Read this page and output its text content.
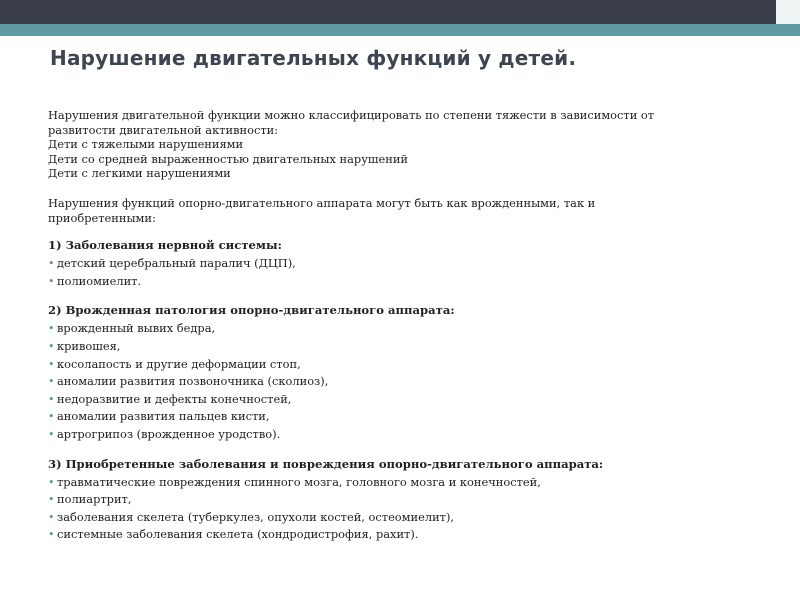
Нарушение двигательных функций у детей.

Нарушения двигательной функции можно классифицировать по степени тяжести в зависимости от

развитости двигательной активности:

Дети с тяжелыми нарушениями

Дети со средней выраженностью двигательных нарушений

Дети с легкими нарушениями

Нарушения функций опорно-двигательного аппарата могут быть как врожденными, так и

приобретенными:

1) Заболевания нервной системы:

• детский церебральный паралич (ДЦП),
• полиомиелит.

2) Врожденная патология опорно-двигательного аппарата:

• врожденный вывих бедра,
• кривошея,
• косолапость и другие деформации стоп,
• аномалии развития позвоночника (сколиоз),
• недоразвитие и дефекты конечностей,
• аномалии развития пальцев кисти,
• артрогрипоз (врожденное уродство).

3) Приобретенные заболевания и повреждения опорно-двигательного аппарата:

• травматические повреждения спинного мозга, головного мозга и конечностей,
• полиартрит,
• заболевания скелета (туберкулез, опухоли костей, остеомиелит),
• системные заболевания скелета (хондродистрофия, рахит).
